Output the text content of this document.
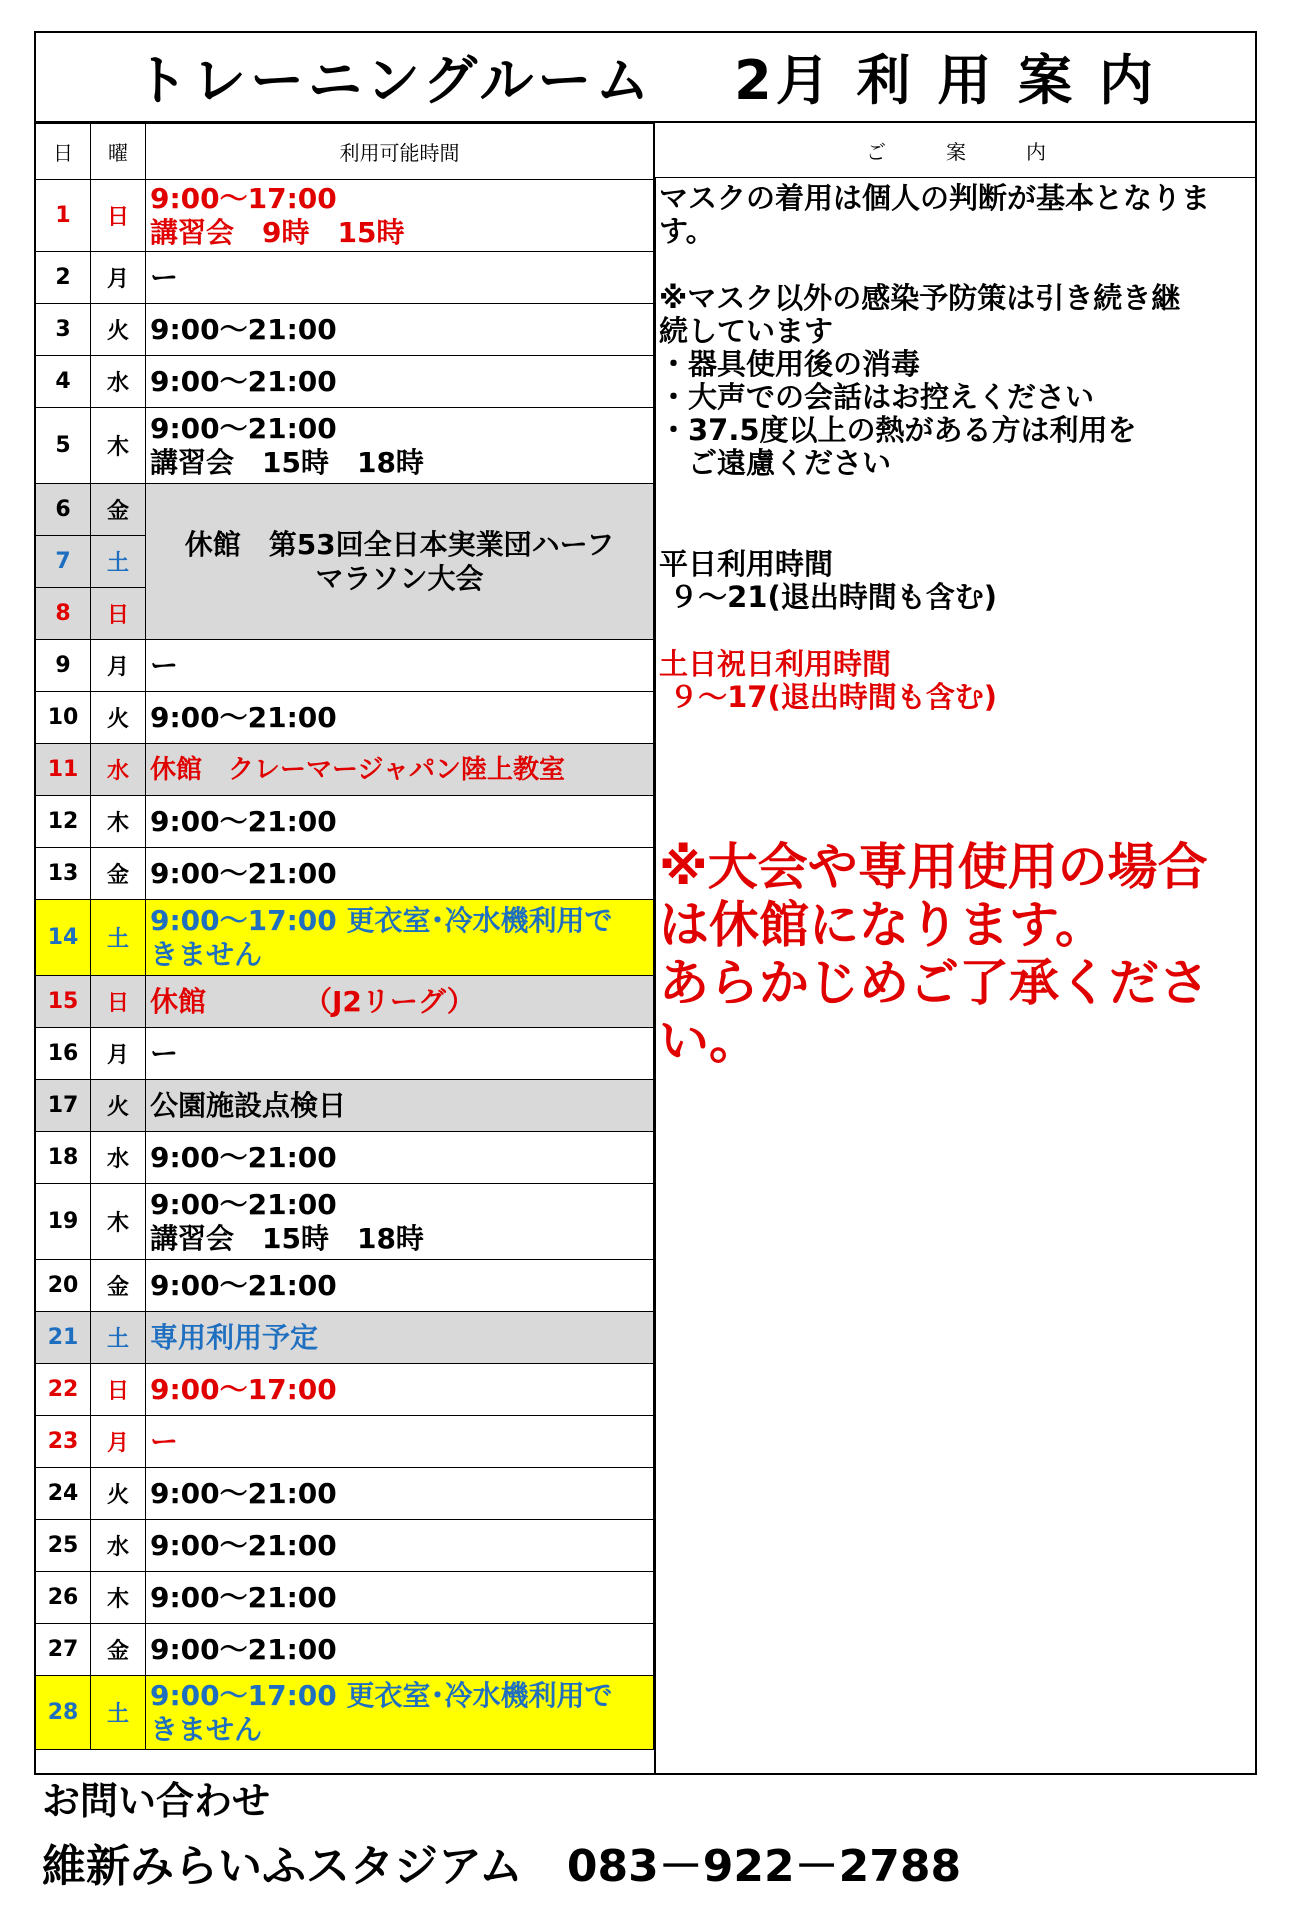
トレーニングルーム　 2月 利 用 案 内
日	曜	利用可能時間
1	日	9:00～17:00
講習会　9時　15時

2	月	ー
3	火	9:00～21:00
4	水	9:00～21:00
5	木	9:00～21:00
講習会　15時　18時

6	金	休館　第53回全日本実業団ハーフ
マラソン大会

7	土	
8	日	
9	月	ー
10	火	9:00～21:00
11	水	休館　クレーマージャパン陸上教室
12	木	9:00～21:00
13	金	9:00～21:00
14	土	9:00～17:00 更衣室･冷水機利用で
きません

15	日	休館　　　　（J2リーグ）
16	月	ー
17	火	公園施設点検日
18	水	9:00～21:00
19	木	9:00～21:00
講習会　15時　18時

20	金	9:00～21:00
21	土	専用利用予定
22	日	9:00～17:00
23	月	ー
24	火	9:00～21:00
25	水	9:00～21:00
26	木	9:00～21:00
27	金	9:00～21:00
28	土	9:00～17:00 更衣室･冷水機利用で
きません
ご　　　案　　　内
マスクの着用は個人の判断が基本となりま
す。
※マスク以外の感染予防策は引き続き継
続しています
・器具使用後の消毒
・大声での会話はお控えください
・37.5度以上の熱がある方は利用を
　ご遠慮ください
平日利用時間
９～21(退出時間も含む)
土日祝日利用時間
９～17(退出時間も含む)
※大会や専用使用の場合
は休館になります。
あらかじめご了承くださ
い。
お問い合わせ
維新みらいふスタジアム　083－922－2788
